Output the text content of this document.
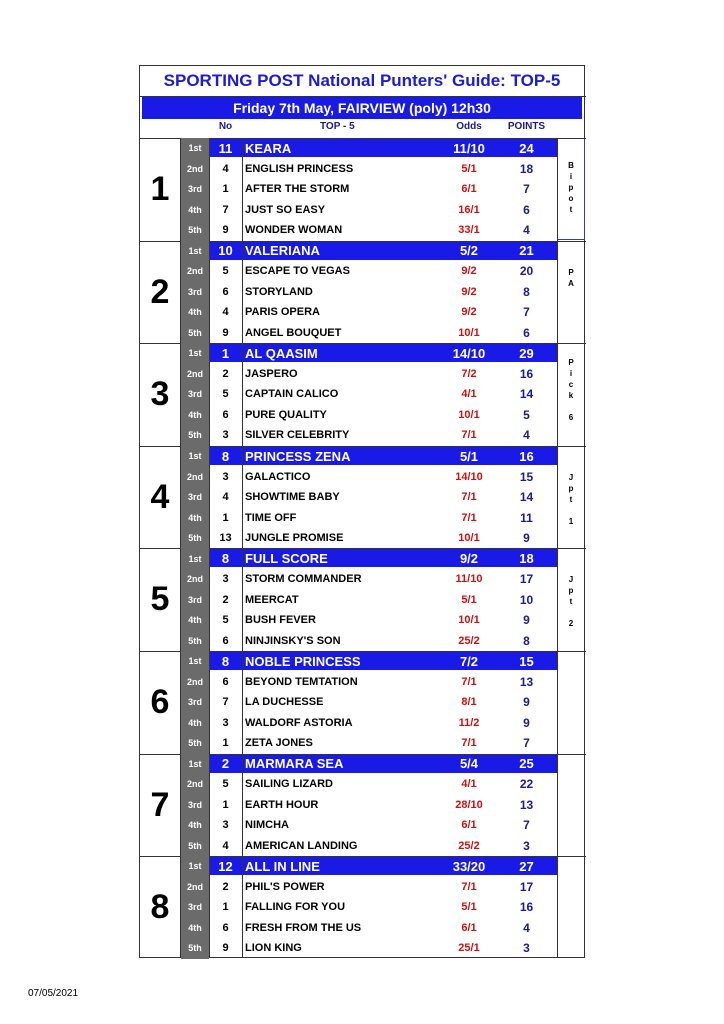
SPORTING POST National Punters' Guide: TOP-5
Friday 7th May, FAIRVIEW (poly) 12h30
No	TOP - 5	Odds	POINTS
1
1st	11 KEARA	11/10	24
2nd	4	ENGLISH PRINCESS	5/1	18
3rd	1	AFTER THE STORM	6/1	7
4th	7	JUST SO EASY	16/1	6
5th	9	WONDER WOMAN	33/1	4
B
i
p
o
t
2
1st	10 VALERIANA	5/2	21
2nd	5	ESCAPE TO VEGAS	9/2	20
3rd	6	STORYLAND	9/2	8
4th	4	PARIS OPERA	9/2	7
5th	9	ANGEL BOUQUET	10/1	6
P
A
3
1st	1	AL QAASIM	14/10	29
2nd	2	JASPERO	7/2	16
3rd	5	CAPTAIN CALICO	4/1	14
4th	6	PURE QUALITY	10/1	5
5th	3	SILVER CELEBRITY	7/1	4
P
i
c
k

6
4
1st	8	PRINCESS ZENA	5/1	16
2nd	3	GALACTICO	14/10	15
3rd	4	SHOWTIME BABY	7/1	14
4th	1	TIME OFF	7/1	11
5th	13	JUNGLE PROMISE	10/1	9
J
p
t

1
5
1st	8	FULL SCORE	9/2	18
2nd	3	STORM COMMANDER	11/10	17
3rd	2	MEERCAT	5/1	10
4th	5	BUSH FEVER	10/1	9
5th	6	NINJINSKY'S SON	25/2	8
J
p
t

2
6
1st	8	NOBLE PRINCESS	7/2	15
2nd	6	BEYOND TEMTATION	7/1	13
3rd	7	LA DUCHESSE	8/1	9
4th	3	WALDORF ASTORIA	11/2	9
5th	1	ZETA JONES	7/1	7
7
1st	2	MARMARA SEA	5/4	25
2nd	5	SAILING LIZARD	4/1	22
3rd	1	EARTH HOUR	28/10	13
4th	3	NIMCHA	6/1	7
5th	4	AMERICAN LANDING	25/2	3
8
1st	12 ALL IN LINE	33/20	27
2nd	2	PHIL'S POWER	7/1	17
3rd	1	FALLING FOR YOU	5/1	16
4th	6	FRESH FROM THE US	6/1	4
5th	9	LION KING	25/1	3
07/05/2021
